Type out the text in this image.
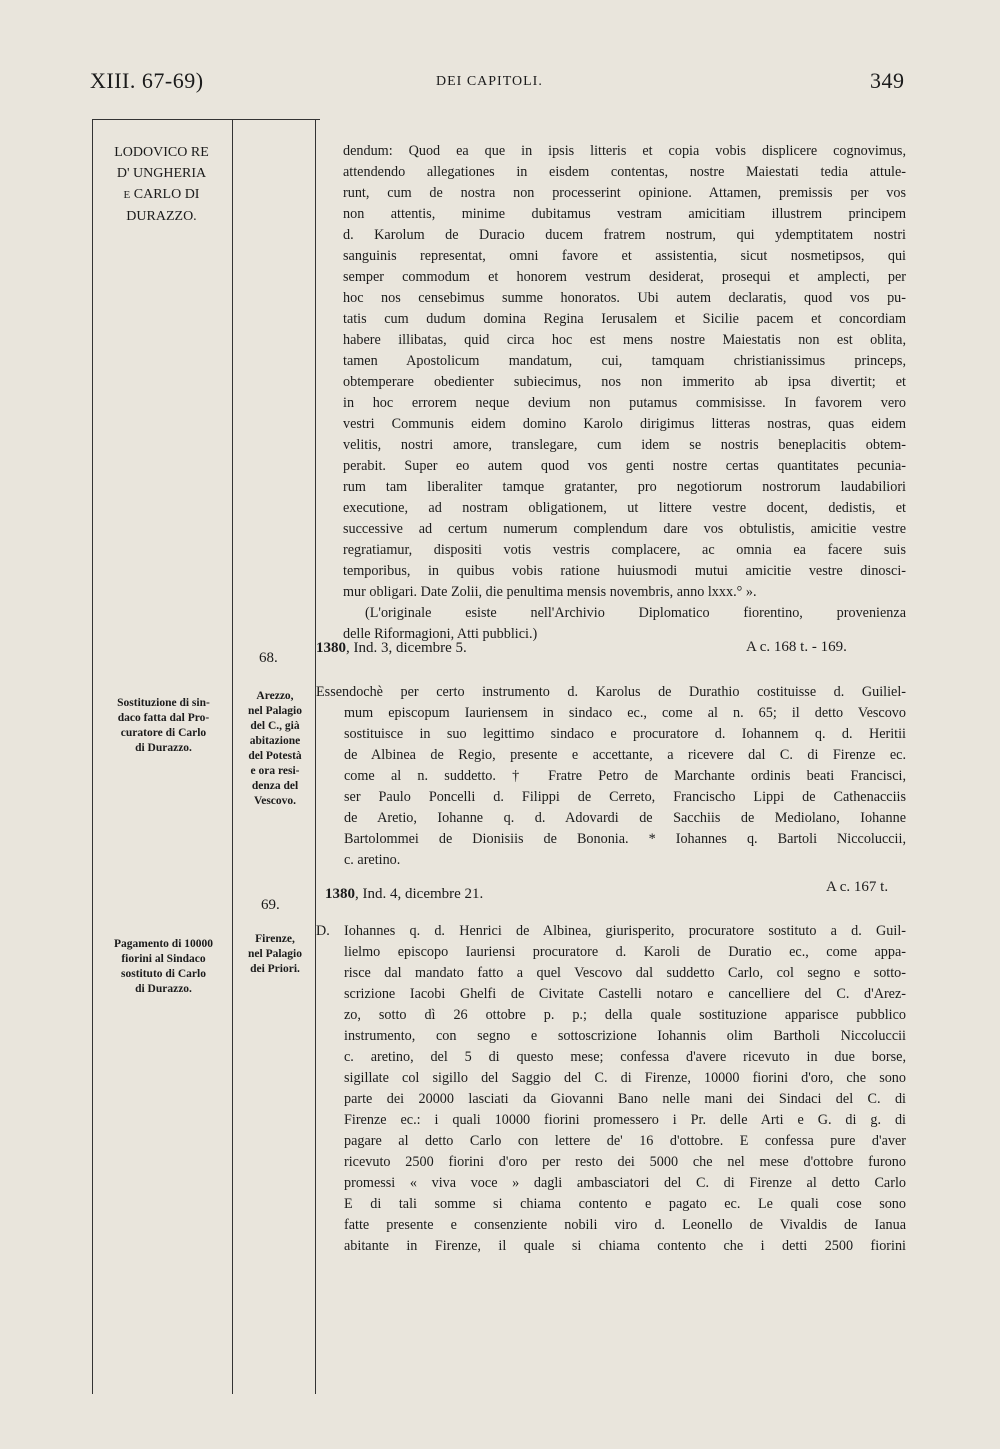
XIII. 67-69)	DEI CAPITOLI.	349
LODOVICO RE
D' UNGHERIA
E CARLO DI
DURAZZO.
dendum: Quod ea que in ipsis litteris et copia vobis displicere cognovimus,
attendendo allegationes in eisdem contentas, nostre Maiestati tedia attule-
runt, cum de nostra non processerint opinione. Attamen, premissis per vos
non attentis, minime dubitamus vestram amicitiam illustrem principem
d. Karolum de Duracio ducem fratrem nostrum, qui ydemptitatem nostri
sanguinis representat, omni favore et assistentia, sicut nosmetipsos, qui
semper commodum et honorem vestrum desiderat, prosequi et amplecti, per
hoc nos censebimus summe honoratos. Ubi autem declaratis, quod vos pu-
tatis cum dudum domina Regina Ierusalem et Sicilie pacem et concordiam
habere illibatas, quid circa hoc est mens nostre Maiestatis non est oblita,
tamen Apostolicum mandatum, cui, tamquam christianissimus princeps,
obtemperare obedienter subiecimus, nos non immerito ab ipsa divertit; et
in hoc errorem neque devium non putamus commisisse. In favorem vero
vestri Communis eidem domino Karolo dirigimus litteras nostras, quas eidem
velitis, nostri amore, translegare, cum idem se nostris beneplacitis obtem-
perabit. Super eo autem quod vos genti nostre certas quantitates pecunia-
rum tam liberaliter tamque gratanter, pro negotiorum nostrorum laudabiliori
executione, ad nostram obligationem, ut littere vestre docent, dedistis, et
successive ad certum numerum complendum dare vos obtulistis, amicitie vestre
regratiamur, dispositi votis vestris complacere, ac omnia ea facere suis
temporibus, in quibus vobis ratione huiusmodi mutui amicitie vestre dinosci-
mur obligari. Date Zolii, die penultima mensis novembris, anno lxxx.° ».
(L'originale esiste nell'Archivio Diplomatico fiorentino, provenienza
delle Riformagioni, Atti pubblici.)
68.
1380, Ind. 3, dicembre 5.	A c. 168 t. - 169.
Sostituzione di sin-
daco fatta dal Pro-
curatore di Carlo
di Durazzo.
Arezzo,
nel Palagio
del C., già
abitazione
del Potestà
e ora resi-
denza del
Vescovo.
Essendochè per certo instrumento d. Karolus de Durathio costituisse d. Guiliel-
mum episcopum Iauriensem in sindaco ec., come al n. 65; il detto Vescovo
sostituisce in suo legittimo sindaco e procuratore d. Iohannem q. d. Heritii
de Albinea de Regio, presente e accettante, a ricevere dal C. di Firenze ec.
come al n. suddetto. † Fratre Petro de Marchante ordinis beati Francisci,
ser Paulo Poncelli d. Filippi de Cerreto, Francischo Lippi de Cathenacciis
de Aretio, Iohanne q. d. Adovardi de Sacchiis de Mediolano, Iohanne
Bartolommei de Dionisiis de Bononia. * Iohannes q. Bartoli Niccoluccii,
c. aretino.
69.
1380, Ind. 4, dicembre 21.	A c. 167 t.
Pagamento di 10000
fiorini al Sindaco
sostituto di Carlo
di Durazzo.
Firenze,
nel Palagio
dei Priori.
D. Iohannes q. d. Henrici de Albinea, giurisperito, procuratore sostituto a d. Guil-
lielmo episcopo Iauriensi procuratore d. Karoli de Duratio ec., come appa-
risce dal mandato fatto a quel Vescovo dal suddetto Carlo, col segno e sotto-
scrizione Iacobi Ghelfi de Civitate Castelli notaro e cancelliere del C. d'Arez-
zo, sotto dì 26 ottobre p. p.; della quale sostituzione apparisce pubblico
instrumento, con segno e sottoscrizione Iohannis olim Bartholi Niccoluccii
c. aretino, del 5 di questo mese; confessa d'avere ricevuto in due borse,
sigillate col sigillo del Saggio del C. di Firenze, 10000 fiorini d'oro, che sono
parte dei 20000 lasciati da Giovanni Bano nelle mani dei Sindaci del C. di
Firenze ec.: i quali 10000 fiorini promessero i Pr. delle Arti e G. di g. di
pagare al detto Carlo con lettere de' 16 d'ottobre. E confessa pure d'aver
ricevuto 2500 fiorini d'oro per resto dei 5000 che nel mese d'ottobre furono
promessi « viva voce » dagli ambasciatori del C. di Firenze al detto Carlo
E di tali somme si chiama contento e pagato ec. Le quali cose sono
fatte presente e consenziente nobili viro d. Leonello de Vivaldis de Ianua
abitante in Firenze, il quale si chiama contento che i detti 2500 fiorini
